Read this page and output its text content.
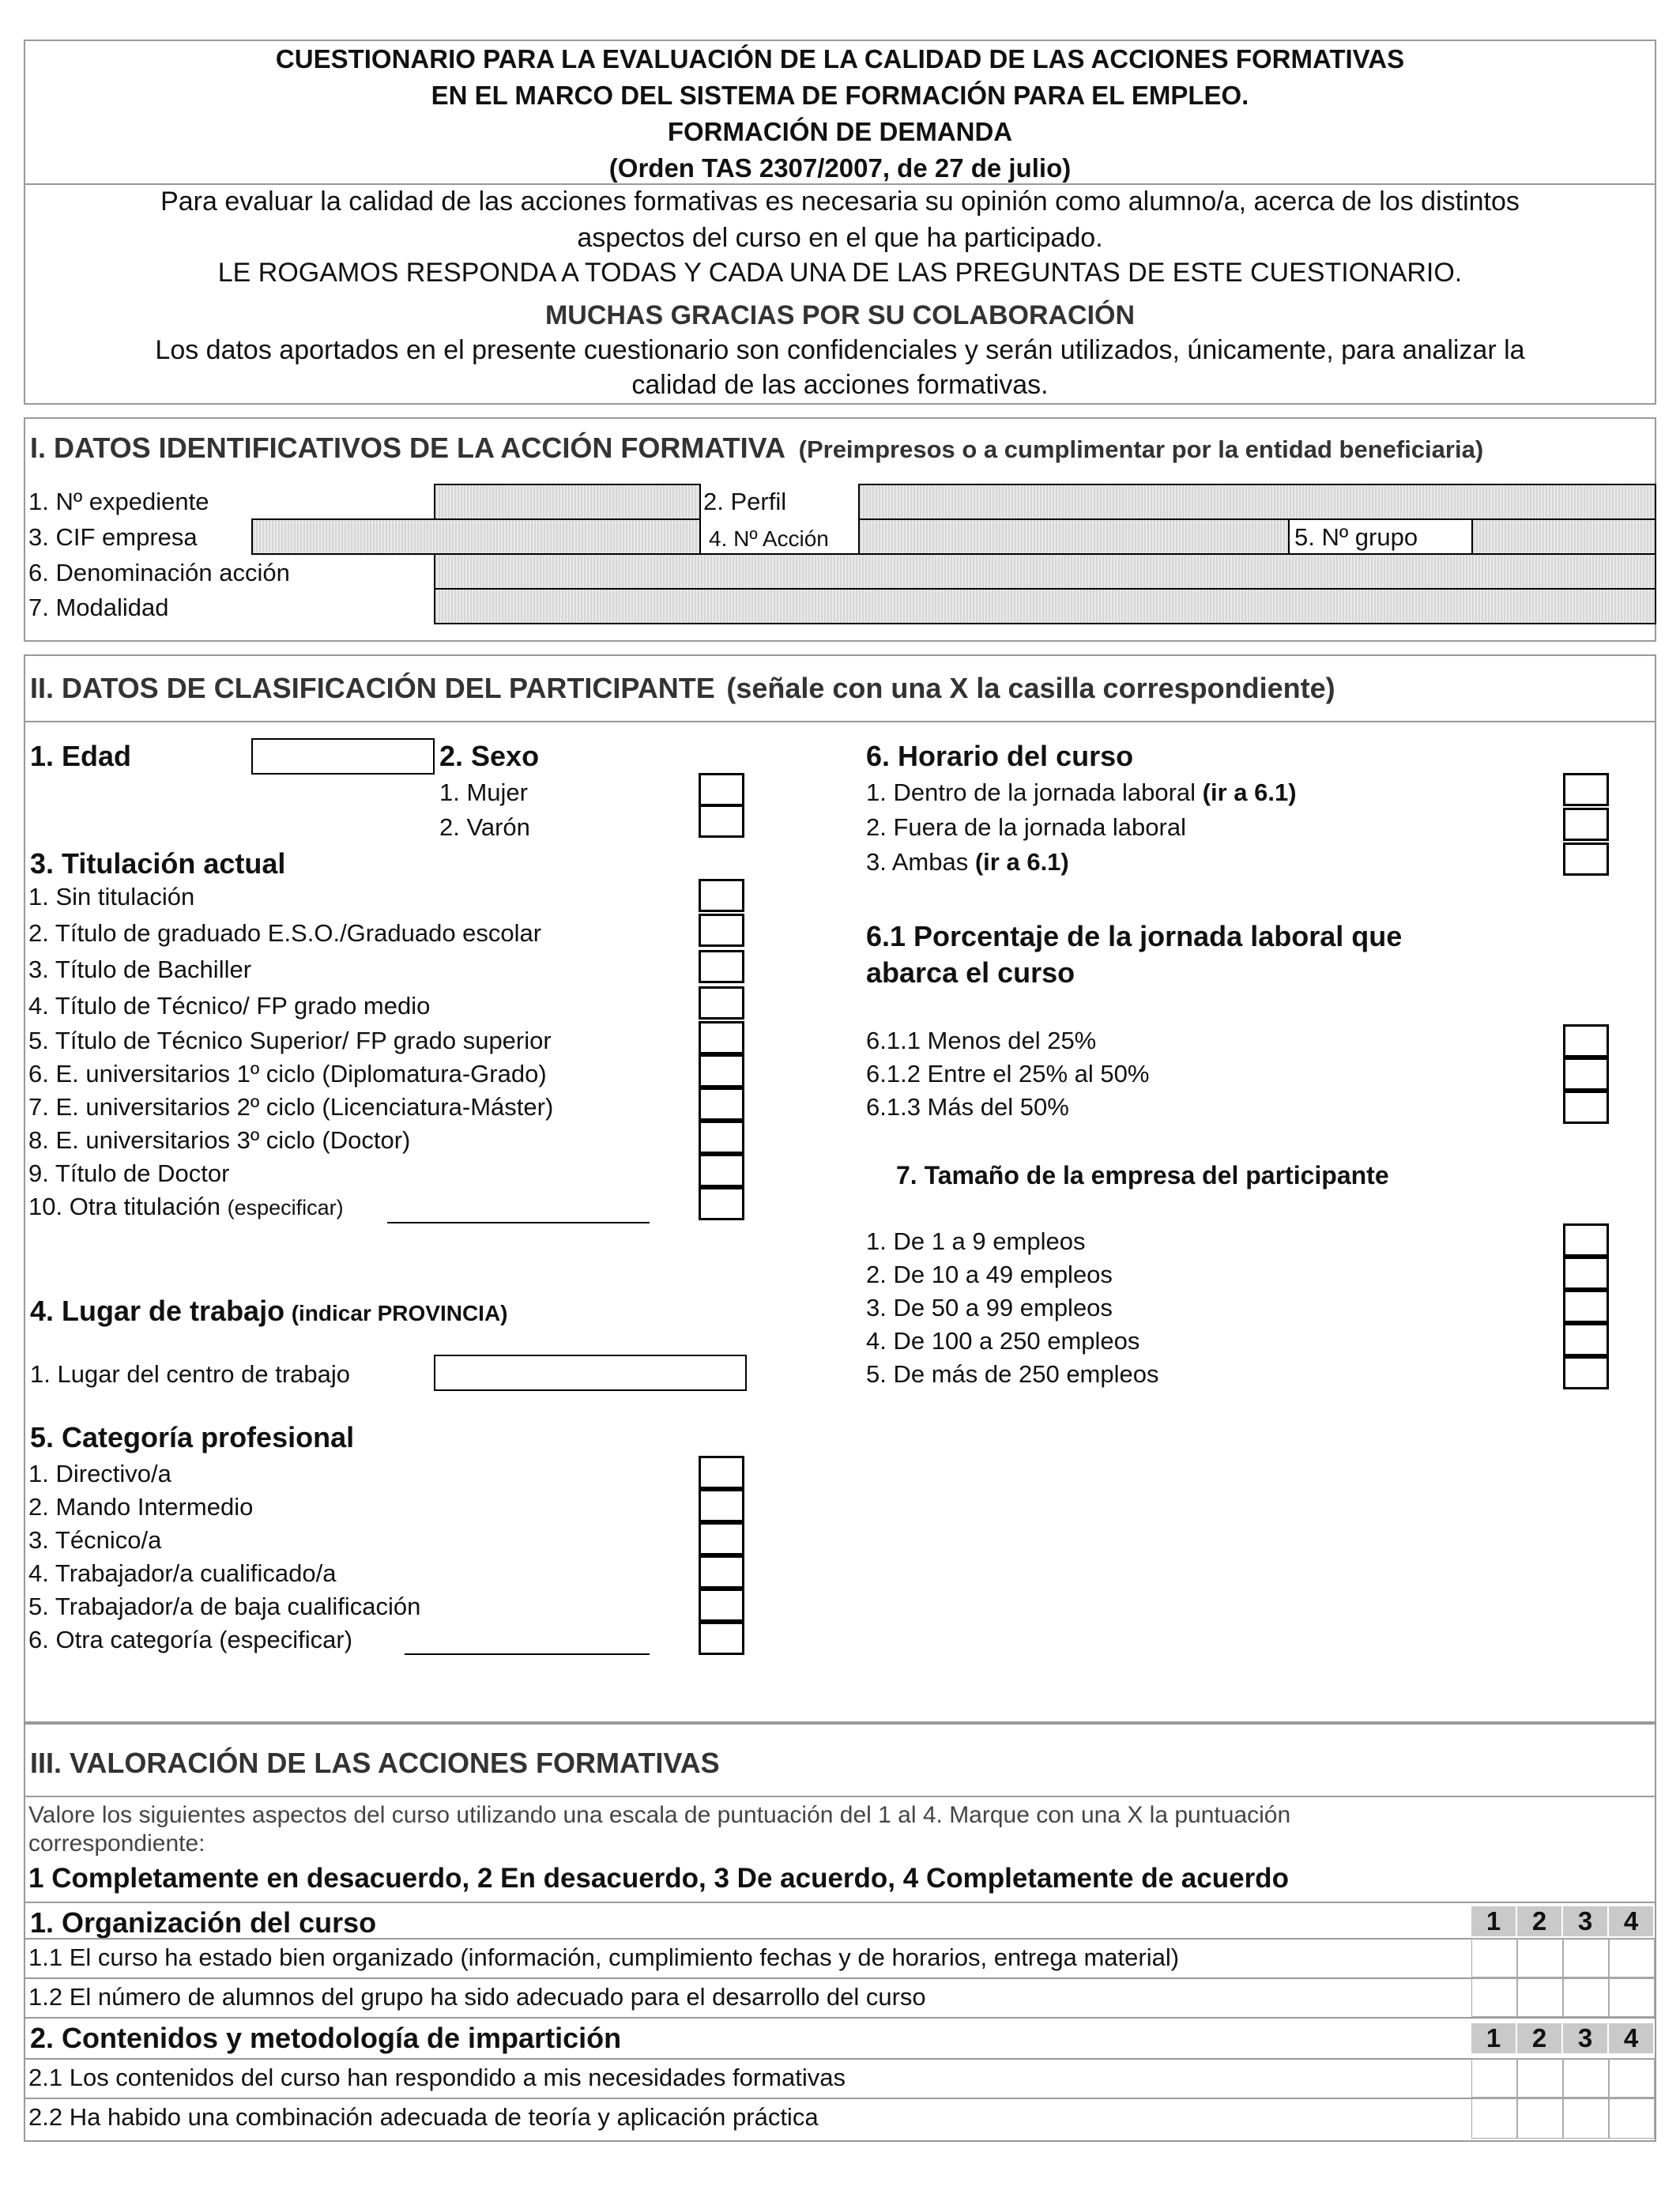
CUESTIONARIO PARA LA EVALUACIÓN DE LA CALIDAD DE LAS ACCIONES FORMATIVAS
EN EL MARCO DEL SISTEMA DE FORMACIÓN PARA EL EMPLEO.
FORMACIÓN DE DEMANDA
(Orden TAS 2307/2007, de 27 de julio)
Para evaluar la calidad de las acciones formativas es necesaria su opinión como alumno/a, acerca de los distintos
aspectos del curso en el que ha participado.
LE ROGAMOS RESPONDA A TODAS Y CADA UNA DE LAS PREGUNTAS DE ESTE CUESTIONARIO.
MUCHAS GRACIAS POR SU COLABORACIÓN
Los datos aportados en el presente cuestionario son confidenciales y serán utilizados, únicamente, para analizar la
calidad de las acciones formativas.
I. DATOS IDENTIFICATIVOS DE LA ACCIÓN FORMATIVA (Preimpresos o a cumplimentar por la entidad beneficiaria)
1. Nº expediente	2. Perfil
3. CIF empresa	4. Nº Acción	5. Nº grupo
6. Denominación acción
7. Modalidad
II. DATOS DE CLASIFICACIÓN DEL PARTICIPANTE (señale con una X la casilla correspondiente)
1. Edad	2. Sexo
1. Mujer
2. Varón
3. Titulación actual
1. Sin titulación
2. Título de graduado E.S.O./Graduado escolar
3. Título de Bachiller
4. Título de Técnico/ FP grado medio
5. Título de Técnico Superior/ FP grado superior
6. E. universitarios 1º ciclo (Diplomatura-Grado)
7. E. universitarios 2º ciclo (Licenciatura-Máster)
8. E. universitarios 3º ciclo (Doctor)
9. Título de Doctor
10. Otra titulación (especificar)
4. Lugar de trabajo (indicar PROVINCIA)
1. Lugar del centro de trabajo
5. Categoría profesional
1. Directivo/a
2. Mando Intermedio
3. Técnico/a
4. Trabajador/a cualificado/a
5. Trabajador/a de baja cualificación
6. Otra categoría (especificar)
6. Horario del curso
1. Dentro de la jornada laboral (ir a 6.1)
2. Fuera de la jornada laboral
3. Ambas (ir a 6.1)
6.1 Porcentaje de la jornada laboral que
abarca el curso
6.1.1 Menos del 25%
6.1.2 Entre el 25% al 50%
6.1.3 Más del 50%
7. Tamaño de la empresa del participante
1. De 1 a 9 empleos
2. De 10 a 49 empleos
3. De 50 a 99 empleos
4. De 100 a 250 empleos
5. De más de 250 empleos
III. VALORACIÓN DE LAS ACCIONES FORMATIVAS
Valore los siguientes aspectos del curso utilizando una escala de puntuación del 1 al 4. Marque con una X la puntuación
correspondiente:
1 Completamente en desacuerdo, 2 En desacuerdo, 3 De acuerdo, 4 Completamente de acuerdo
1. Organización del curso	1	2	3	4
1.1 El curso ha estado bien organizado (información, cumplimiento fechas y de horarios, entrega material)
1.2 El número de alumnos del grupo ha sido adecuado para el desarrollo del curso
2. Contenidos y metodología de impartición	1	2	3	4
2.1 Los contenidos del curso han respondido a mis necesidades formativas
2.2 Ha habido una combinación adecuada de teoría y aplicación práctica
